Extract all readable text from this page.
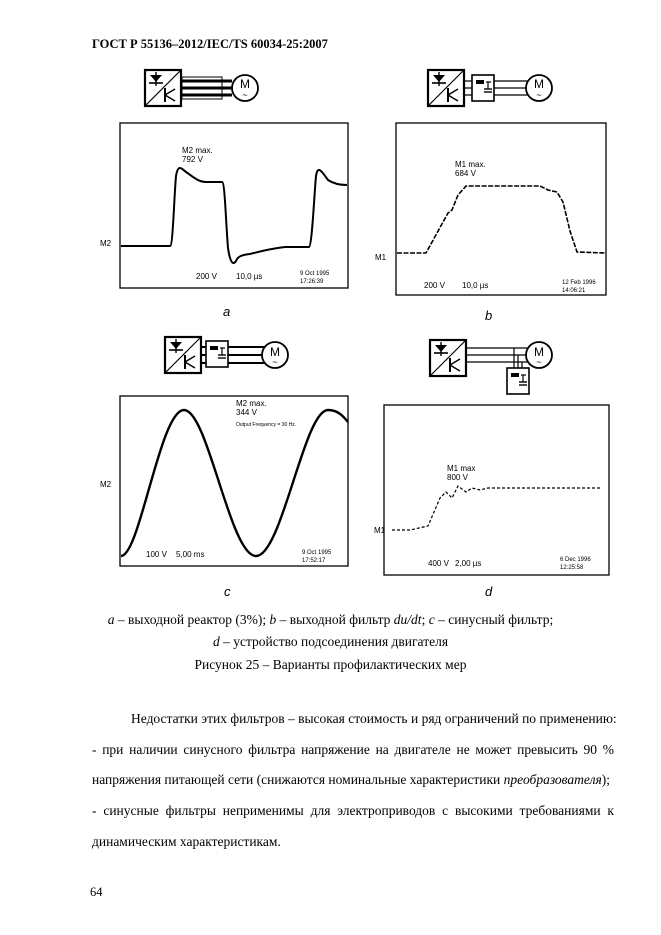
ГОСТ Р 55136–2012/IEC/TS 60034-25:2007
M
~
M2
M2 max.
792 V
200 V 10,0 µs	9 Oct 1995
17:26:39
a
M
~
M1
M1 max.
684 V
200 V 10,0 µs	12 Feb 1996
14:06:21
b
M
~
M2
M2 max.
344 V
Output Frequency = 30 Hz.
100 V 5,00 ms	9 Oct 1995
17:52:17
c
M
~
M1
M1 max
800 V
400 V 2,00 µs	6 Dec 1996
12:25:58
d
a – выходной реактор (3%); b – выходной фильтр du/dt; c – синусный фильтр;
d – устройство подсоединения двигателя
Рисунок 25 – Варианты профилактических мер
Недостатки этих фильтров – высокая стоимость и ряд ограничений по применению:
- при наличии синусного фильтра напряжение на двигателе не может превысить 90 %
напряжения питающей сети (снижаются номинальные характеристики преобразователя);
- синусные фильтры неприменимы для электроприводов с высокими требованиями к
динамическим характеристикам.
64
